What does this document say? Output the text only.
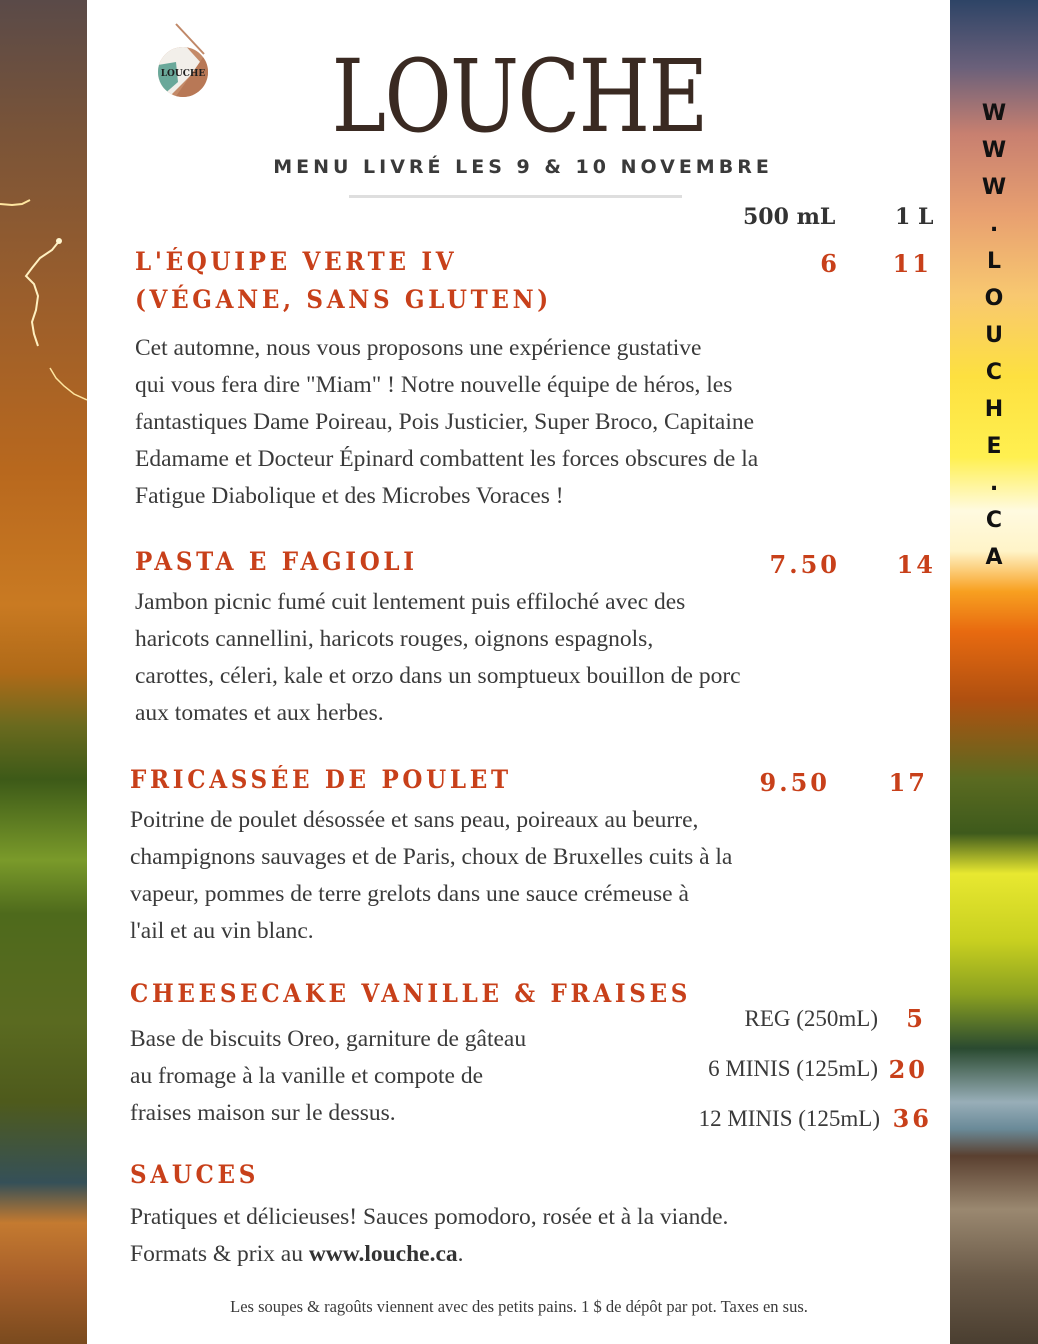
W
W
W
.
L
O
U
C
H
E
.
C
A
LOUCHE	LOUCHE
MENU LIVRÉ LES 9 & 10 NOVEMBRE
500 mL	1 L
L'ÉQUIPE VERTE IV
(VÉGANE, SANS GLUTEN)
6	11
Cet automne, nous vous proposons une expérience gustative
qui vous fera dire "Miam" ! Notre nouvelle équipe de héros, les
fantastiques Dame Poireau, Pois Justicier, Super Broco, Capitaine
Edamame et Docteur Épinard combattent les forces obscures de la
Fatigue Diabolique et des Microbes Voraces !
PASTA E FAGIOLI	7.50	14
Jambon picnic fumé cuit lentement puis effiloché avec des
haricots cannellini, haricots rouges, oignons espagnols,
carottes, céleri, kale et orzo dans un somptueux bouillon de porc
aux tomates et aux herbes.
FRICASSÉE DE POULET	9.50	17
Poitrine de poulet désossée et sans peau, poireaux au beurre,
champignons sauvages et de Paris, choux de Bruxelles cuits à la
vapeur, pommes de terre grelots dans une sauce crémeuse à
l'ail et au vin blanc.
CHEESECAKE VANILLE & FRAISES
Base de biscuits Oreo, garniture de gâteau
au fromage à la vanille et compote de
fraises maison sur le dessus.
REG (250mL)	5
6 MINIS (125mL) 20
12 MINIS (125mL) 36
SAUCES
Pratiques et délicieuses! Sauces pomodoro, rosée et à la viande.
Formats & prix au www.louche.ca.
Les soupes & ragoûts viennent avec des petits pains. 1 $ de dépôt par pot. Taxes en sus.
